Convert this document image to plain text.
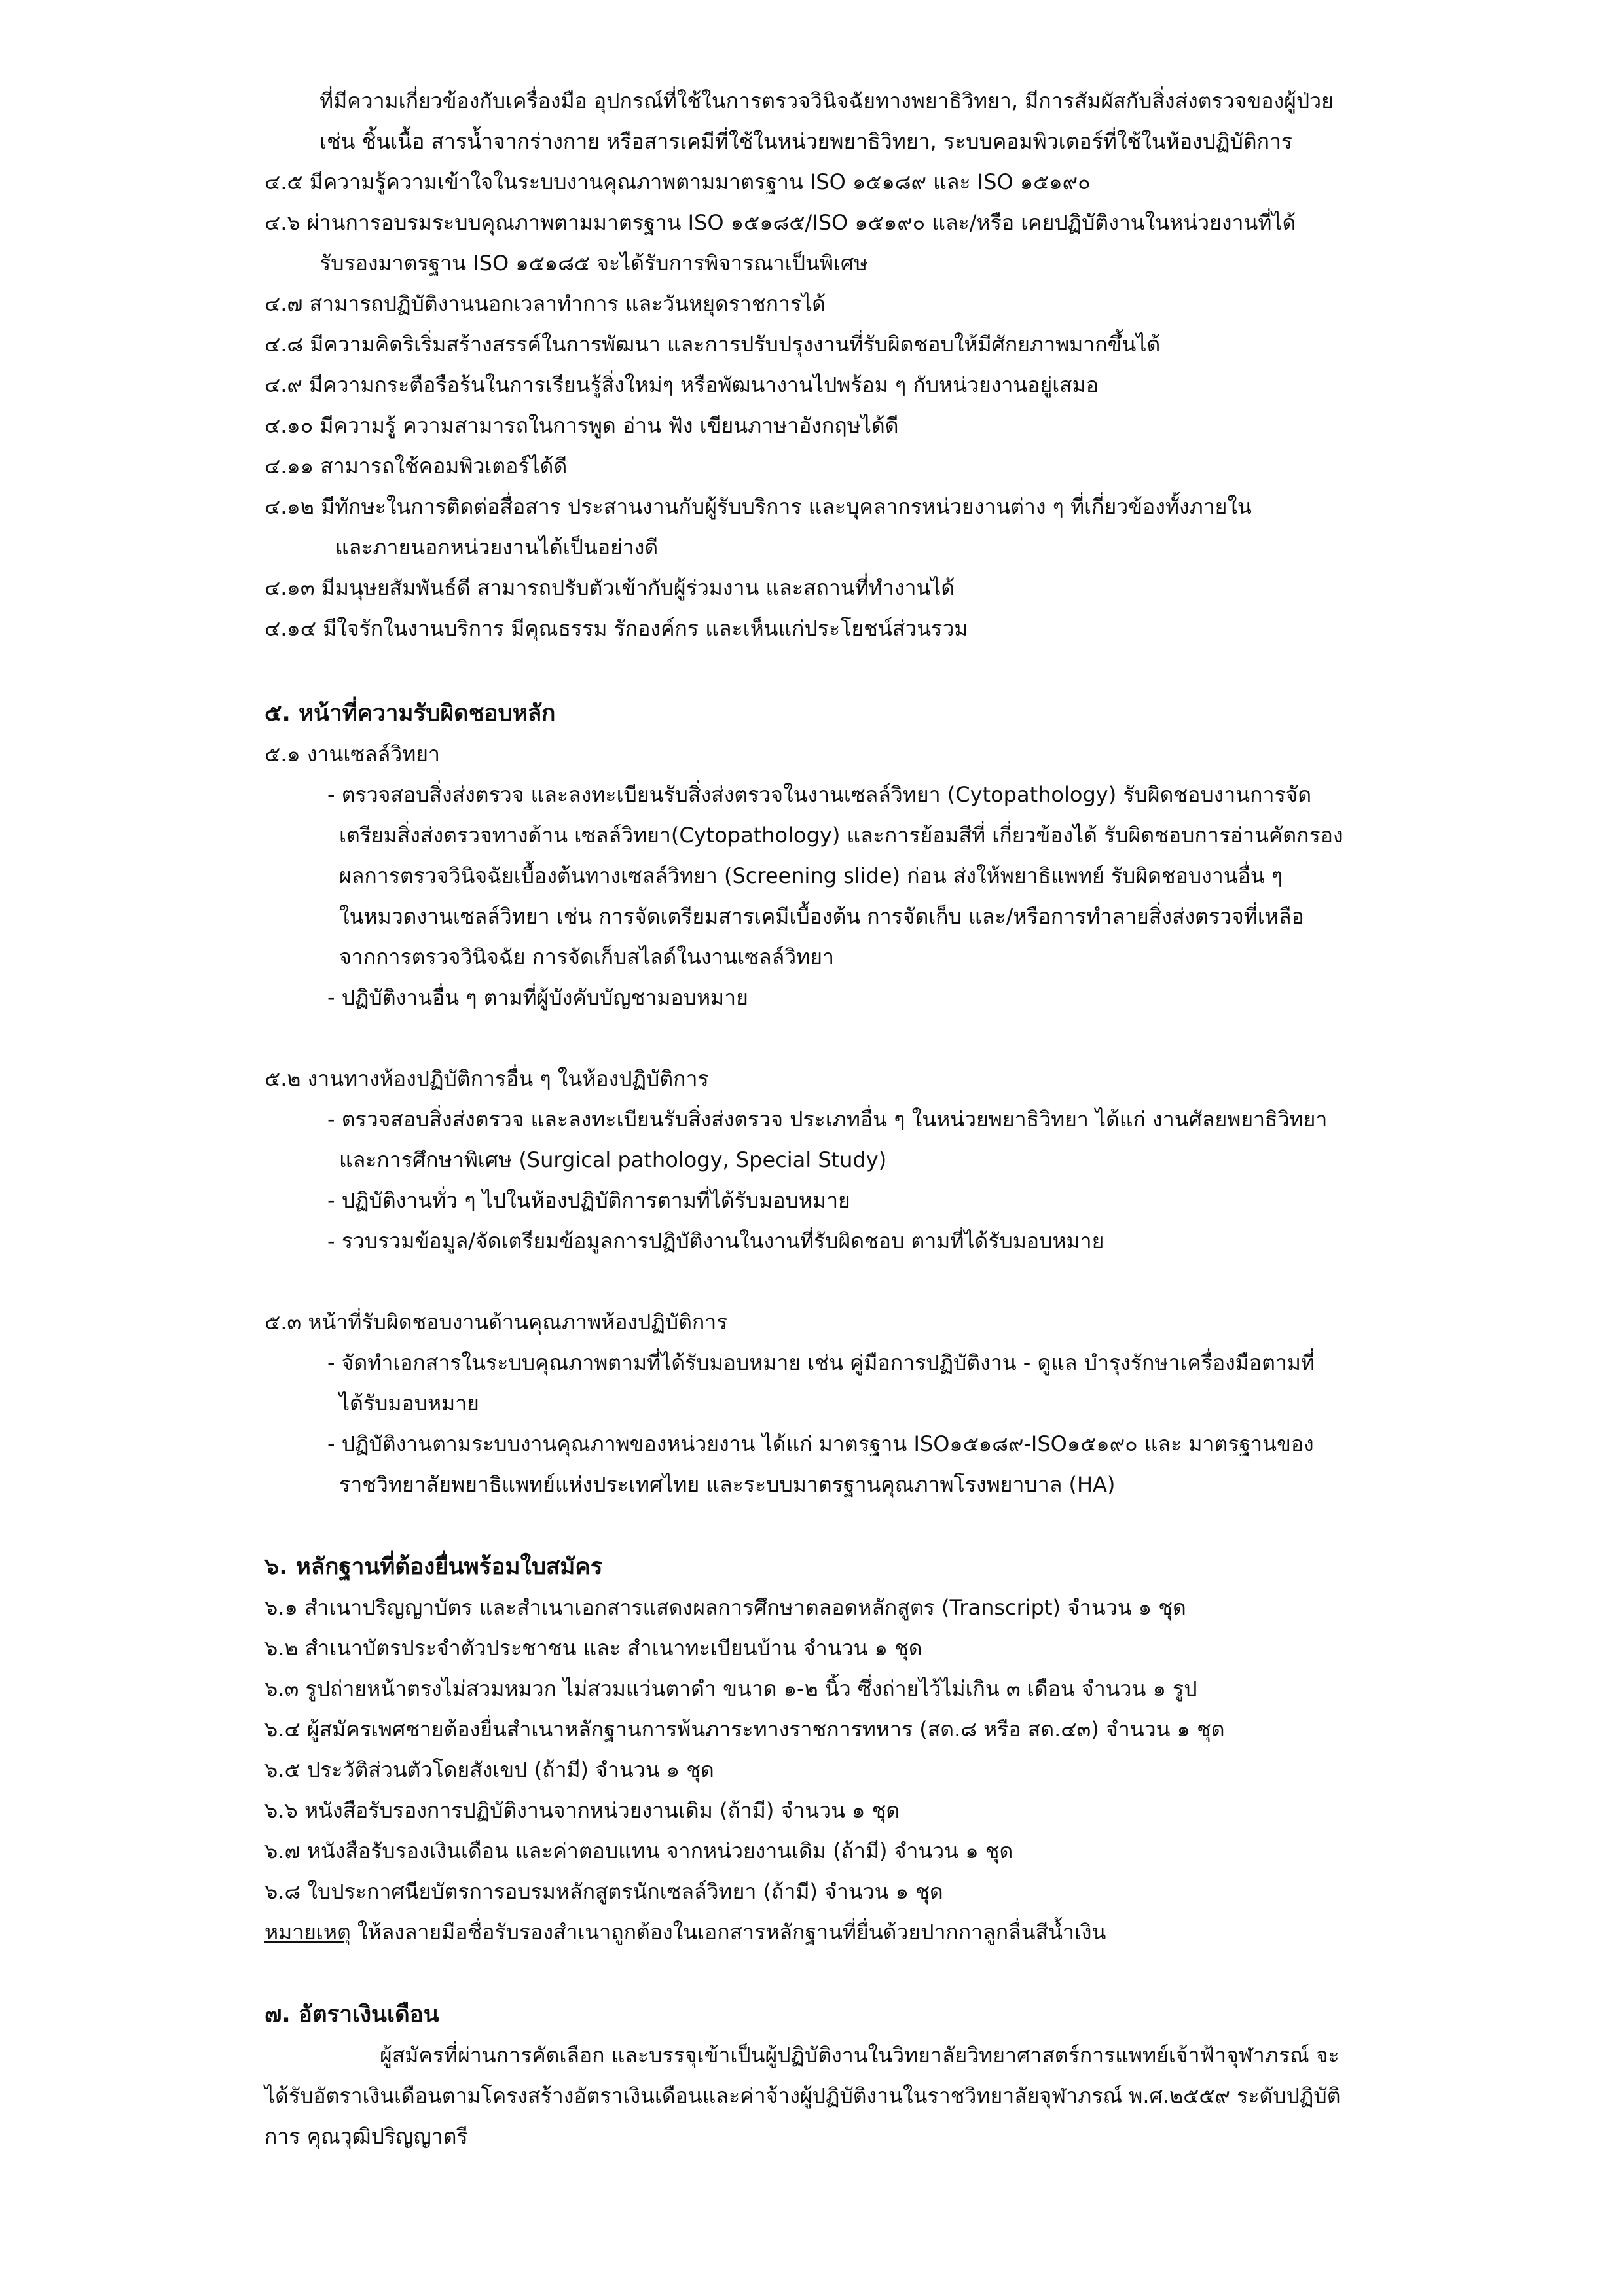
ที่มีความเกี่ยวข้องกับเครื่องมือ อุปกรณ์ที่ใช้ในการตรวจวินิจฉัยทางพยาธิวิทยา, มีการสัมผัสกับสิ่งส่งตรวจของผู้ป่วย

เช่น ชิ้นเนื้อ สารน้ำจากร่างกาย หรือสารเคมีที่ใช้ในหน่วยพยาธิวิทยา, ระบบคอมพิวเตอร์ที่ใช้ในห้องปฏิบัติการ

๔.๕ มีความรู้ความเข้าใจในระบบงานคุณภาพตามมาตรฐาน ISO ๑๕๑๘๙ และ ISO ๑๕๑๙๐

๔.๖ ผ่านการอบรมระบบคุณภาพตามมาตรฐาน ISO ๑๕๑๘๕/ISO ๑๕๑๙๐ และ/หรือ เคยปฏิบัติงานในหน่วยงานที่ได้

รับรองมาตรฐาน ISO ๑๕๑๘๕ จะได้รับการพิจารณาเป็นพิเศษ

๔.๗ สามารถปฏิบัติงานนอกเวลาทำการ และวันหยุดราชการได้

๔.๘ มีความคิดริเริ่มสร้างสรรค์ในการพัฒนา และการปรับปรุงงานที่รับผิดชอบให้มีศักยภาพมากขึ้นได้

๔.๙ มีความกระตือรือร้นในการเรียนรู้สิ่งใหม่ๆ หรือพัฒนางานไปพร้อม ๆ กับหน่วยงานอยู่เสมอ

๔.๑๐ มีความรู้ ความสามารถในการพูด อ่าน ฟัง เขียนภาษาอังกฤษได้ดี

๔.๑๑ สามารถใช้คอมพิวเตอร์ได้ดี

๔.๑๒ มีทักษะในการติดต่อสื่อสาร ประสานงานกับผู้รับบริการ และบุคลากรหน่วยงานต่าง ๆ ที่เกี่ยวข้องทั้งภายใน

และภายนอกหน่วยงานได้เป็นอย่างดี

๔.๑๓ มีมนุษยสัมพันธ์ดี สามารถปรับตัวเข้ากับผู้ร่วมงาน และสถานที่ทำงานได้

๔.๑๔ มีใจรักในงานบริการ มีคุณธรรม รักองค์กร และเห็นแก่ประโยชน์ส่วนรวม

๕. หน้าที่ความรับผิดชอบหลัก

๕.๑ งานเซลล์วิทยา

- ตรวจสอบสิ่งส่งตรวจ และลงทะเบียนรับสิ่งส่งตรวจในงานเซลล์วิทยา (Cytopathology) รับผิดชอบงานการจัด

เตรียมสิ่งส่งตรวจทางด้าน เซลล์วิทยา(Cytopathology) และการย้อมสีที่ เกี่ยวข้องได้ รับผิดชอบการอ่านคัดกรอง

ผลการตรวจวินิจฉัยเบื้องต้นทางเซลล์วิทยา (Screening slide) ก่อน ส่งให้พยาธิแพทย์ รับผิดชอบงานอื่น ๆ

ในหมวดงานเซลล์วิทยา เช่น การจัดเตรียมสารเคมีเบื้องต้น การจัดเก็บ และ/หรือการทำลายสิ่งส่งตรวจที่เหลือ

จากการตรวจวินิจฉัย การจัดเก็บสไลด์ในงานเซลล์วิทยา

- ปฏิบัติงานอื่น ๆ ตามที่ผู้บังคับบัญชามอบหมาย

๕.๒ งานทางห้องปฏิบัติการอื่น ๆ ในห้องปฏิบัติการ

- ตรวจสอบสิ่งส่งตรวจ และลงทะเบียนรับสิ่งส่งตรวจ ประเภทอื่น ๆ ในหน่วยพยาธิวิทยา ได้แก่ งานศัลยพยาธิวิทยา

และการศึกษาพิเศษ (Surgical pathology, Special Study)

- ปฏิบัติงานทั่ว ๆ ไปในห้องปฏิบัติการตามที่ได้รับมอบหมาย

- รวบรวมข้อมูล/จัดเตรียมข้อมูลการปฏิบัติงานในงานที่รับผิดชอบ ตามที่ได้รับมอบหมาย

๕.๓ หน้าที่รับผิดชอบงานด้านคุณภาพห้องปฏิบัติการ

- จัดทำเอกสารในระบบคุณภาพตามที่ได้รับมอบหมาย เช่น คู่มือการปฏิบัติงาน - ดูแล บำรุงรักษาเครื่องมือตามที่

ได้รับมอบหมาย

- ปฏิบัติงานตามระบบงานคุณภาพของหน่วยงาน ได้แก่ มาตรฐาน ISO๑๕๑๘๙-ISO๑๕๑๙๐ และ มาตรฐานของ

ราชวิทยาลัยพยาธิแพทย์แห่งประเทศไทย และระบบมาตรฐานคุณภาพโรงพยาบาล (HA)

๖. หลักฐานที่ต้องยื่นพร้อมใบสมัคร

๖.๑ สำเนาปริญญาบัตร และสำเนาเอกสารแสดงผลการศึกษาตลอดหลักสูตร (Transcript) จำนวน ๑ ชุด

๖.๒ สำเนาบัตรประจำตัวประชาชน และ สำเนาทะเบียนบ้าน จำนวน ๑ ชุด

๖.๓ รูปถ่ายหน้าตรงไม่สวมหมวก ไม่สวมแว่นตาดำ ขนาด ๑-๒ นิ้ว ซึ่งถ่ายไว้ไม่เกิน ๓ เดือน จำนวน ๑ รูป

๖.๔ ผู้สมัครเพศชายต้องยื่นสำเนาหลักฐานการพ้นภาระทางราชการทหาร (สด.๘ หรือ สด.๔๓) จำนวน ๑ ชุด

๖.๕ ประวัติส่วนตัวโดยสังเขป (ถ้ามี) จำนวน ๑ ชุด

๖.๖ หนังสือรับรองการปฏิบัติงานจากหน่วยงานเดิม (ถ้ามี) จำนวน ๑ ชุด

๖.๗ หนังสือรับรองเงินเดือน และค่าตอบแทน จากหน่วยงานเดิม (ถ้ามี) จำนวน ๑ ชุด

๖.๘ ใบประกาศนียบัตรการอบรมหลักสูตรนักเซลล์วิทยา (ถ้ามี) จำนวน ๑ ชุด

หมายเหตุ ให้ลงลายมือชื่อรับรองสำเนาถูกต้องในเอกสารหลักฐานที่ยื่นด้วยปากกาลูกลื่นสีน้ำเงิน

๗. อัตราเงินเดือน

ผู้สมัครที่ผ่านการคัดเลือก และบรรจุเข้าเป็นผู้ปฏิบัติงานในวิทยาลัยวิทยาศาสตร์การแพทย์เจ้าฟ้าจุฬาภรณ์ จะ

ได้รับอัตราเงินเดือนตามโครงสร้างอัตราเงินเดือนและค่าจ้างผู้ปฏิบัติงานในราชวิทยาลัยจุฬาภรณ์ พ.ศ.๒๕๕๙ ระดับปฏิบัติ

การ คุณวุฒิปริญญาตรี
